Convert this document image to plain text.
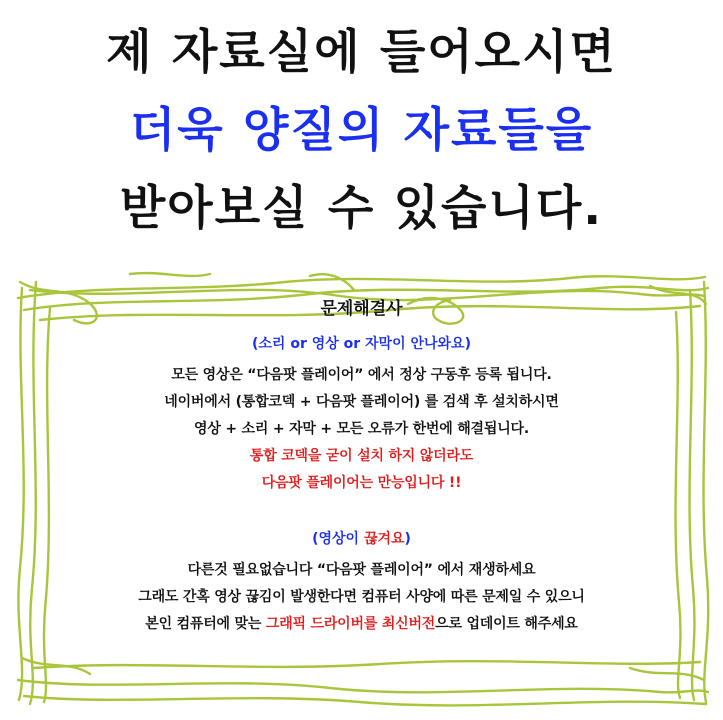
제 자료실에 들어오시면
더욱 양질의 자료들을
받아보실 수 있습니다.
문제해결사
(소리 or 영상 or 자막이 안나와요)

모든 영상은 “다음팟 플레이어” 에서 정상 구동후 등록 됩니다.

네이버에서 (통합코덱 + 다음팟 플레이어) 를 검색 후 설치하시면

영상 + 소리 + 자막 + 모든 오류가 한번에 해결됩니다.

통합 코덱을 굳이 설치 하지 않더라도

다음팟 플레이어는 만능입니다 !!

(영상이 끊겨요)

다른것 필요없습니다 “다음팟 플레이어” 에서 재생하세요

그래도 간혹 영상 끊김이 발생한다면 컴퓨터 사양에 따른 문제일 수 있으니

본인 컴퓨터에 맞는 그래픽 드라이버를 최신버전으로 업데이트 해주세요
